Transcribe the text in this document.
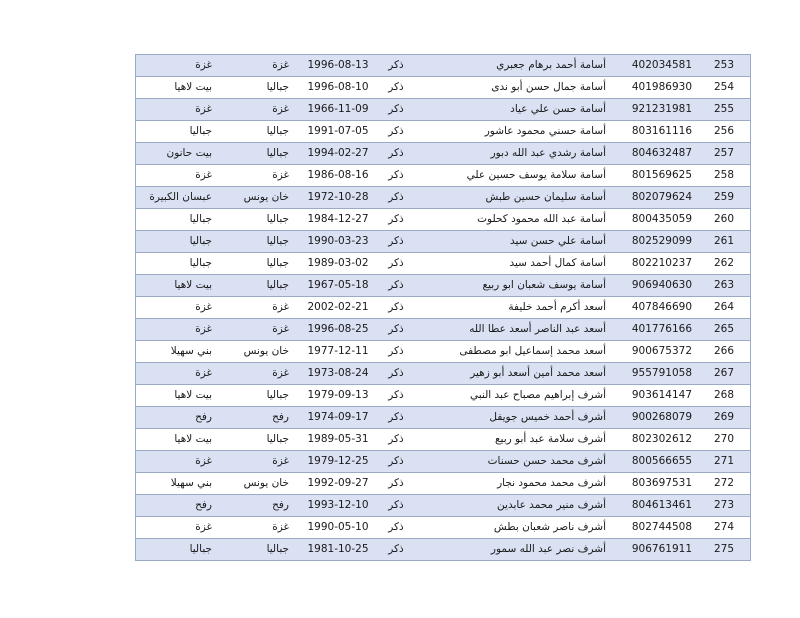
253
402034581
أسامة أحمد برهام جعبري
ذكر
1996-08-13
غزة
غزة
254
401986930
أسامة جمال حسن أبو ندى
ذكر
1996-08-10
جباليا
بيت لاهيا
255
921231981
أسامة حسن علي عياد
ذكر
1966-11-09
غزة
غزة
256
803161116
أسامة حسني محمود عاشور
ذكر
1991-07-05
جباليا
جباليا
257
804632487
أسامة رشدي عبد الله دبور
ذكر
1994-02-27
جباليا
بيت حانون
258
801569625
أسامة سلامة يوسف حسين علي
ذكر
1986-08-16
غزة
غزة
259
802079624
أسامة سليمان حسين طبش
ذكر
1972-10-28
خان يونس
عبسان الكبيرة
260
800435059
أسامة عبد الله محمود كحلوت
ذكر
1984-12-27
جباليا
جباليا
261
802529099
أسامة علي حسن سيد
ذكر
1990-03-23
جباليا
جباليا
262
802210237
أسامة كمال أحمد سيد
ذكر
1989-03-02
جباليا
جباليا
263
906940630
أسامة يوسف شعبان ابو ربيع
ذكر
1967-05-18
جباليا
بيت لاهيا
264
407846690
أسعد أكرم أحمد خليفة
ذكر
2002-02-21
غزة
غزة
265
401776166
أسعد عبد الناصر أسعد عطا الله
ذكر
1996-08-25
غزة
غزة
266
900675372
أسعد محمد إسماعيل ابو مصطفى
ذكر
1977-12-11
خان يونس
بني سهيلا
267
955791058
أسعد محمد أمين أسعد أبو زهير
ذكر
1973-08-24
غزة
غزة
268
903614147
أشرف إبراهيم مصباح عبد النبي
ذكر
1979-09-13
جباليا
بيت لاهيا
269
900268079
أشرف أحمد خميس جويفل
ذكر
1974-09-17
رفح
رفح
270
802302612
أشرف سلامة عبد أبو ربيع
ذكر
1989-05-31
جباليا
بيت لاهيا
271
800566655
أشرف محمد حسن حسنات
ذكر
1979-12-25
غزة
غزة
272
803697531
أشرف محمد محمود نجار
ذكر
1992-09-27
خان يونس
بني سهيلا
273
804613461
أشرف منير محمد عابدين
ذكر
1993-12-10
رفح
رفح
274
802744508
أشرف ناصر شعبان بطش
ذكر
1990-05-10
غزة
غزة
275
906761911
أشرف نصر عبد الله سمور
ذكر
1981-10-25
جباليا
جباليا
